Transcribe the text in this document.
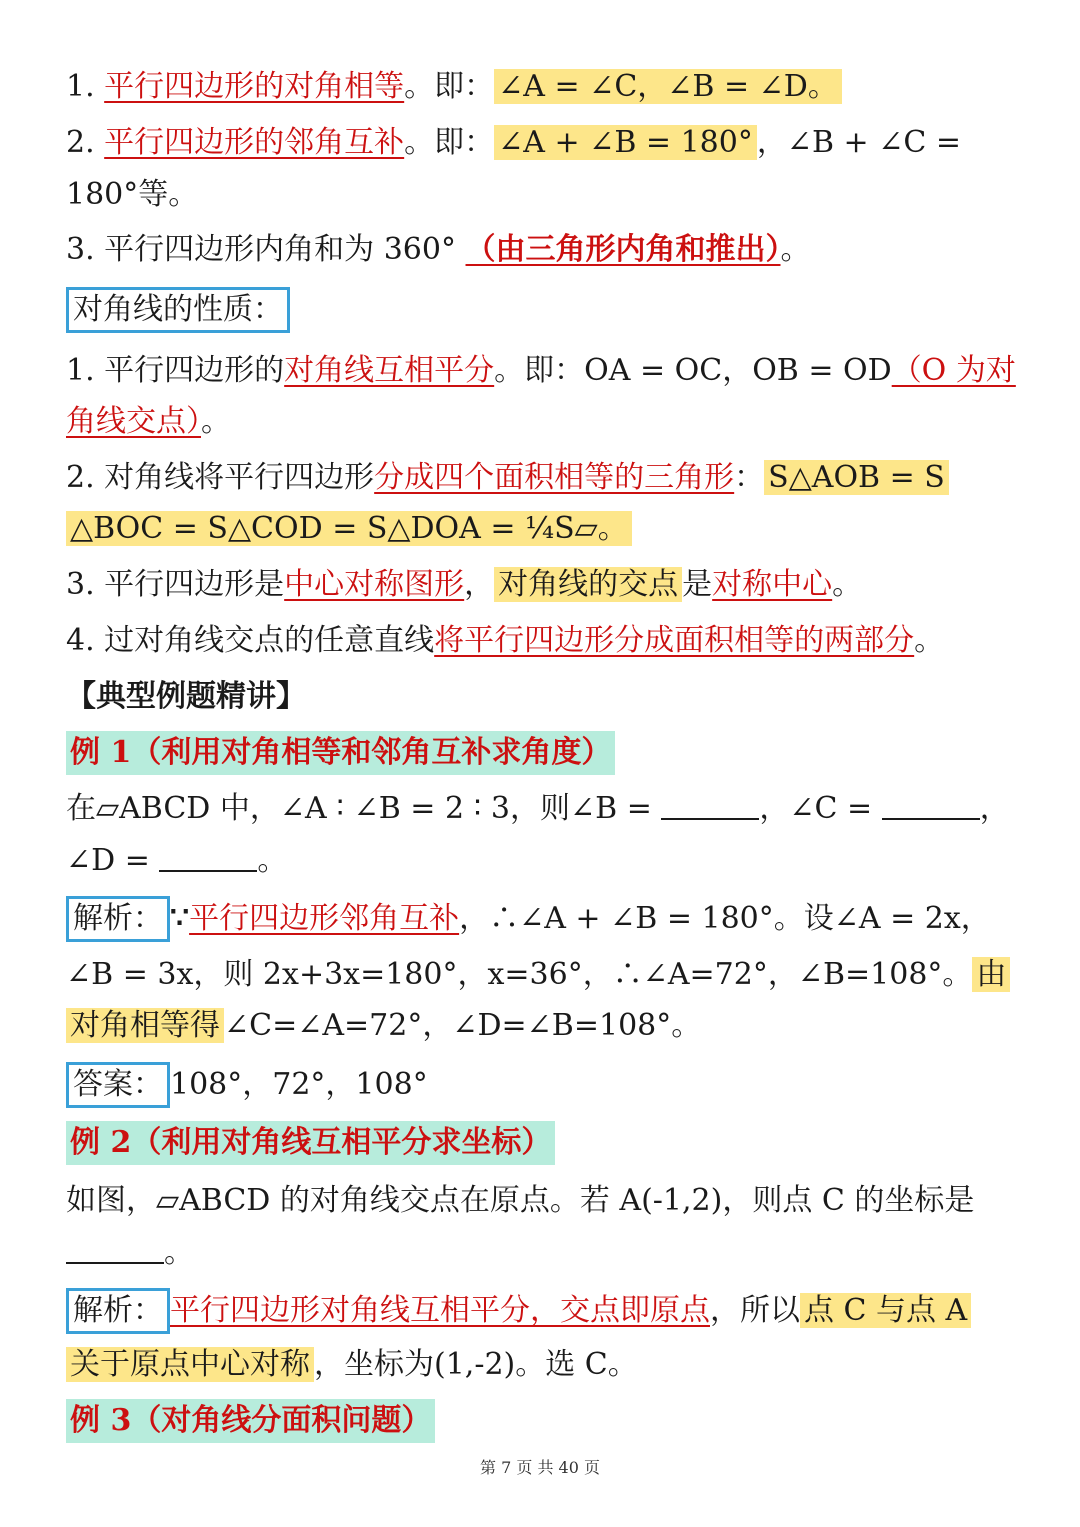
1. 平行四边形的对角相等。即： ∠A = ∠C，∠B = ∠D。
2. 平行四边形的邻角互补。即： ∠A + ∠B = 180° ，∠B + ∠C =
180°等。
3. 平行四边形内角和为 360° （由三角形内角和推出）。
对角线的性质：
1. 平行四边形的对角线互相平分。即：OA = OC，OB = OD（O 为对
角线交点）。
2. 对角线将平行四边形分成四个面积相等的三角形： S△AOB = S
△BOC = S△COD = S△DOA = ¼S▱。
3. 平行四边形是中心对称图形， 对角线的交点 是对称中心。
4. 过对角线交点的任意直线将平行四边形分成面积相等的两部分。
【典型例题精讲】
例 1（利用对角相等和邻角互补求角度）
在▱ABCD 中，∠A ∶ ∠B = 2 ∶ 3，则∠B =	，∠C =	，
∠D =	。
解析： ∵平行四边形邻角互补，∴∠A + ∠B = 180°。设∠A = 2x，
∠B = 3x，则 2x+3x=180°，x=36°，∴∠A=72°，∠B=108°。 由
对角相等得 ∠C=∠A=72°，∠D=∠B=108°。
答案： 108°，72°，108°
例 2（利用对角线互相平分求坐标）
如图，▱ABCD 的对角线交点在原点。若 A(-1,2)，则点 C 的坐标是
。
解析： 平行四边形对角线互相平分，交点即原点，所以 点 C 与点 A
关于原点中心对称 ，坐标为(1,-2)。选 C。
例 3（对角线分面积问题）
第 7 页 共 40 页
